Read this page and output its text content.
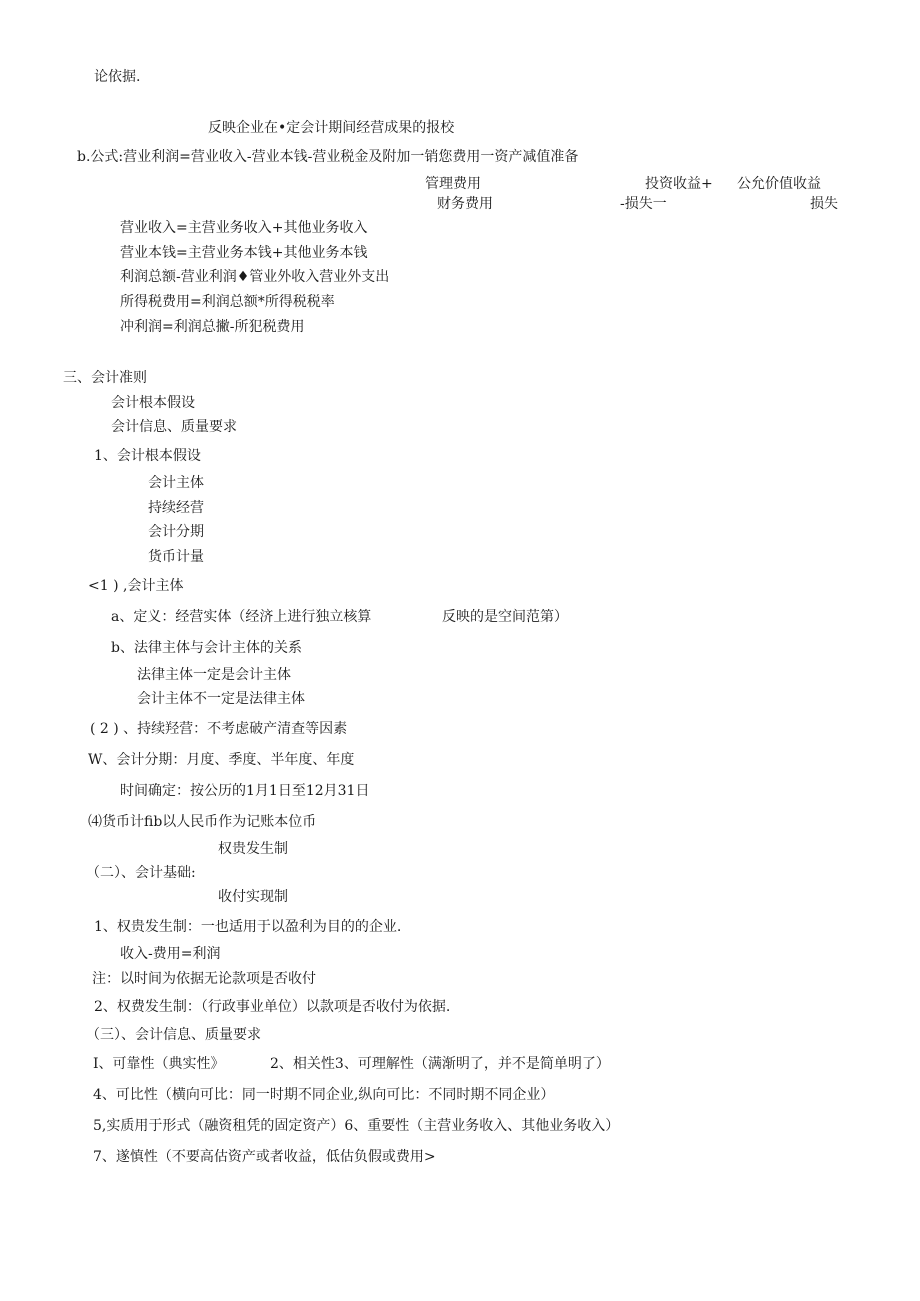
论依据.
反映企业在•定会计期间经营成果的报校
b.公式:营业利润=营业收入-营业本钱-营业税金及附加一销您费用一资产减值准备
管理费用	投资收益+ 公允价值收益
财务费用	-损失一	损失
营业收入=主营业务收入+其他业务收入
营业本钱=主营业务本钱+其他业务本钱
利润总额-营业利润♦管业外收入营业外支出
所得税费用=利润总额*所得税税率
冲利润=利润总撇-所犯税费用
三、会计准则
会计根本假设
会计信息、质量要求
1、会计根本假设
会计主体
持续经营
会计分期
货币计量
<1 ) ,会计主体
a、定义：经营实体（经济上进行独立核算	反映的是空间范第）
b、法律主体与会计主体的关系
法律主体一定是会计主体
会计主体不一定是法律主体
( 2 ) 、持续羟营：不考虑破产清查等因素
W、会计分期：月度、季度、半年度、年度
时间确定：按公历的1月1日至12月31日
⑷货币计fib以人民币作为记账本位币
权贵发生制
（二）、会计基础:
收付实现制
1、权贵发生制：一也适用于以盈利为目的的企业.
收入-费用=利润
注：以时间为依据无论款项是否收付
2、权费发生制：（行政事业单位）以款项是否收付为依据.
（三）、会计信息、质量要求
I、可靠性（典实性》	2、相关性3、可理解性（满渐明了，并不是简单明了）
4、可比性（横向可比：同一时期不同企业,纵向可比：不同时期不同企业）
5,实质用于形式（融资租凭的固定资产）6、重要性（主营业务收入、其他业务收入）
7、遂慎性（不要高估资产或者收益，低估负假或费用>
